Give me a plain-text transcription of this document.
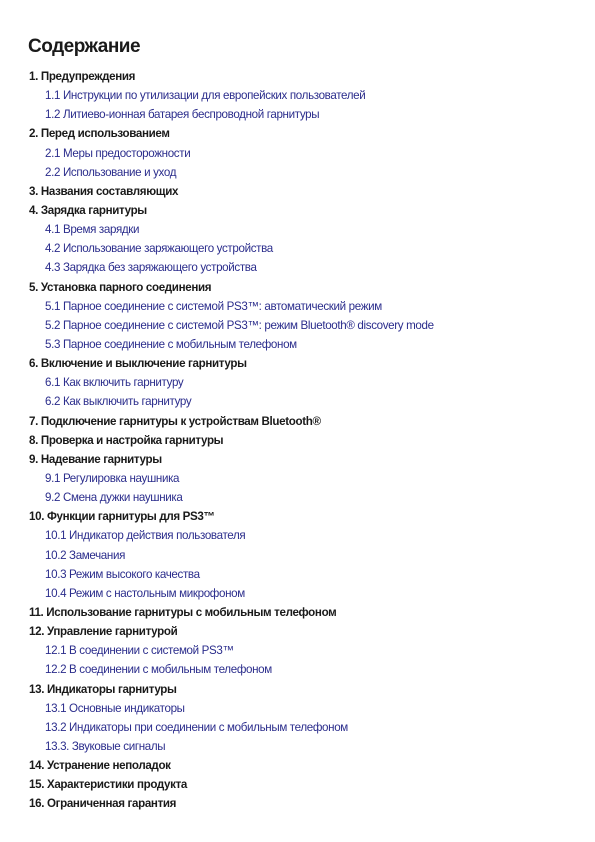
Содержание
1. Предупреждения
1.1 Инструкции по утилизации для европейских пользователей
1.2 Литиево-ионная батарея беспроводной гарнитуры
2. Перед использованием
2.1 Меры предосторожности
2.2 Использование и уход
3. Названия составляющих
4. Зарядка гарнитуры
4.1 Время зарядки
4.2 Использование заряжающего устройства
4.3 Зарядка без заряжающего устройства
5. Установка парного соединения
5.1 Парное соединение с системой PS3™: автоматический режим
5.2 Парное соединение с системой PS3™: режим Bluetooth® discovery mode
5.3 Парное соединение с мобильным телефоном
6. Включение и выключение гарнитуры
6.1 Как включить гарнитуру
6.2 Как выключить гарнитуру
7. Подключение гарнитуры к устройствам Bluetooth®
8. Проверка и настройка гарнитуры
9. Надевание гарнитуры
9.1 Регулировка наушника
9.2 Смена дужки наушника
10. Функции гарнитуры для PS3™
10.1 Индикатор действия пользователя
10.2 Замечания
10.3 Режим высокого качества
10.4 Режим с настольным микрофоном
11. Использование гарнитуры с мобильным телефоном
12. Управление гарнитурой
12.1 В соединении с системой PS3™
12.2 В соединении с мобильным телефоном
13. Индикаторы гарнитуры
13.1 Основные индикаторы
13.2 Индикаторы при соединении с мобильным телефоном
13.3. Звуковые сигналы
14. Устранение неполадок
15. Характеристики продукта
16. Ограниченная гарантия
